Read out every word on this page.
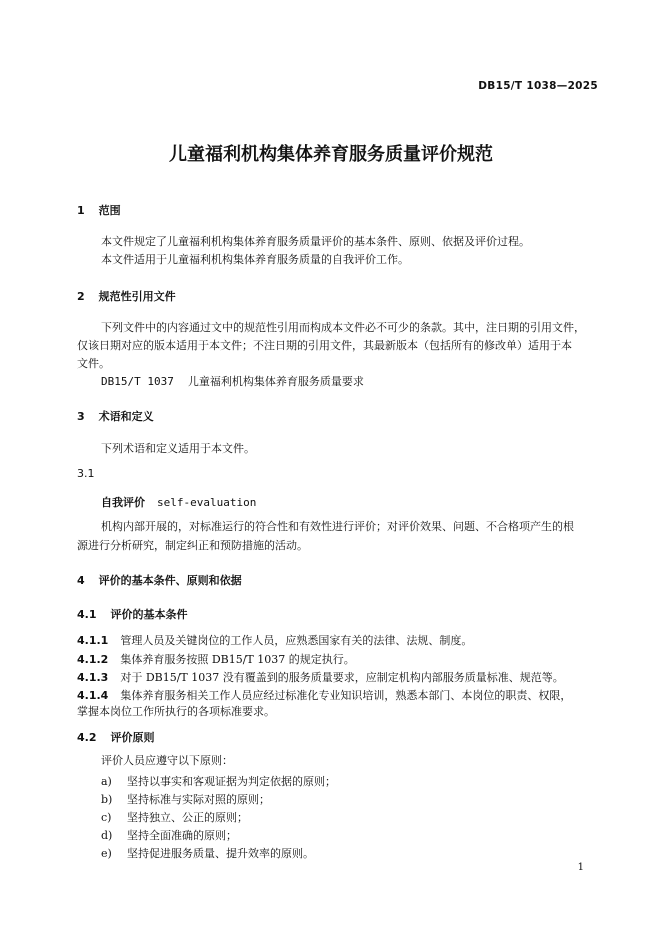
DB15/T 1038—2025
儿童福利机构集体养育服务质量评价规范
1 范围
本文件规定了儿童福利机构集体养育服务质量评价的基本条件、原则、依据及评价过程。
本文件适用于儿童福利机构集体养育服务质量的自我评价工作。
2 规范性引用文件
下列文件中的内容通过文中的规范性引用而构成本文件必不可少的条款。其中，注日期的引用文件，
仅该日期对应的版本适用于本文件；不注日期的引用文件，其最新版本（包括所有的修改单）适用于本
文件。
DB15/T 1037 儿童福利机构集体养育服务质量要求
3 术语和定义
下列术语和定义适用于本文件。
3.1
自我评价 self-evaluation
机构内部开展的，对标准运行的符合性和有效性进行评价；对评价效果、问题、不合格项产生的根
源进行分析研究，制定纠正和预防措施的活动。
4 评价的基本条件、原则和依据
4.1 评价的基本条件
4.1.1 管理人员及关键岗位的工作人员，应熟悉国家有关的法律、法规、制度。
4.1.2 集体养育服务按照 DB15/T 1037 的规定执行。
4.1.3 对于 DB15/T 1037 没有覆盖到的服务质量要求，应制定机构内部服务质量标准、规范等。
4.1.4 集体养育服务相关工作人员应经过标准化专业知识培训，熟悉本部门、本岗位的职责、权限，
掌握本岗位工作所执行的各项标准要求。
4.2 评价原则
评价人员应遵守以下原则：
a) 坚持以事实和客观证据为判定依据的原则；
b) 坚持标准与实际对照的原则；
c) 坚持独立、公正的原则；
d) 坚持全面准确的原则；
e) 坚持促进服务质量、提升效率的原则。
1
